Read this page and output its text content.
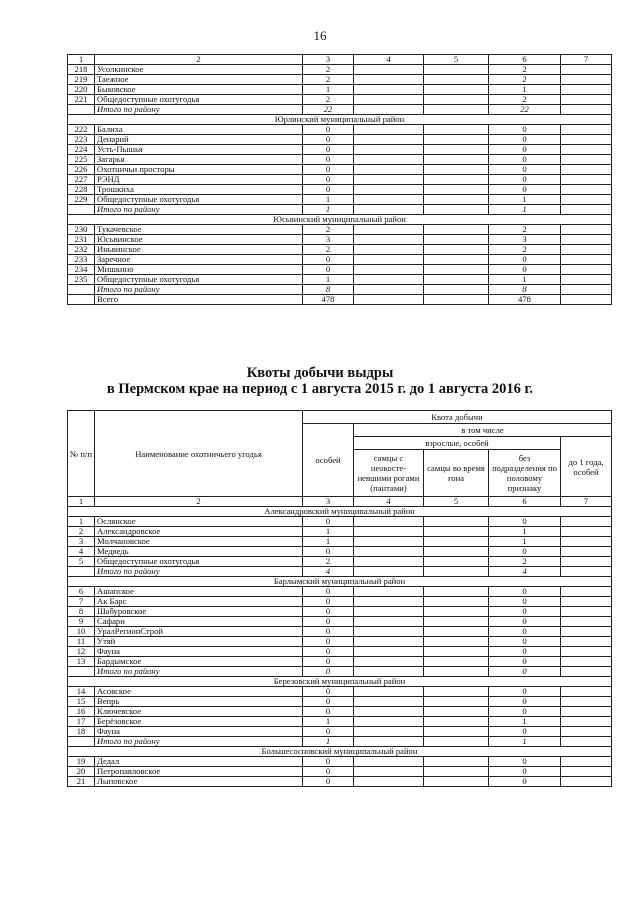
16
1	2	3	4	5	6	7
218	Усолкинское	2			2	
219	Таежное	2			2	
220	Быковское	1			1	
221	Общедоступные охотугодья	2			2	
	Итого по району	22			22	
Юрлинский муниципальный район						
222	Балиха	0			0	
223	Денарий	0			0	
224	Усть-Пышья	0			0	
225	Загарья	0			0	
226	Охотничьи просторы	0			0	
227	РЭНД	0			0	
228	Трошкиха	0			0	
229	Общедоступные охотугодья	1			1	
	Итого по району	1			1	
Юсьвинский муниципальный район						
230	Тукачевское	2			2	
231	Юсьвинское	3			3	
232	Иньвинское	2			2	
233	Заречное	0			0	
234	Мишкино	0			0	
235	Общедоступные охотугодья	1			1	
	Итого по району	8			8	
	Всего	478			478	
Квоты добычи выдры
в Пермском крае на период с 1 августа 2015 г. до 1 августа 2016 г.
№ п/п	Наименование охотничьего угодья	Квота добычи				
		особей	в том числе			
			взрослые, особей			до 1 года, особей
			самцы с неокосте-невшими рогами (пантами)	самцы во время гона	без подразделения по половому признаку	
1	2	3	4	5	6	7
Александровский муниципальный район						
1	Ослянское	0			0	
2	Александровское	1			1	
3	Молчановское	1			1	
4	Медведь	0			0	
5	Общедоступные охотугодья	2			2	
	Итого по району	4			4	
Барлымский муниципальный район						
6	Ашапское	0			0	
7	Ак Барс	0			0	
8	Шабуровское	0			0	
9	Сафари	0			0	
10	УралРегионСтрой	0			0	
11	Утяй	0			0	
12	Фауна	0			0	
13	Бардымское	0			0	
	Итого по району	0			0	
Березовский муниципальный район						
14	Асовское	0			0	
15	Вепрь	0			0	
16	Ключевское	0			0	
17	Берёзовское	1			1	
18	Фауна	0			0	
	Итого по району	1			1	
Большесосновский муниципальный район						
19	Дедал	0			0	
20	Петропавловское	0			0	
21	Лыповское	0			0	
